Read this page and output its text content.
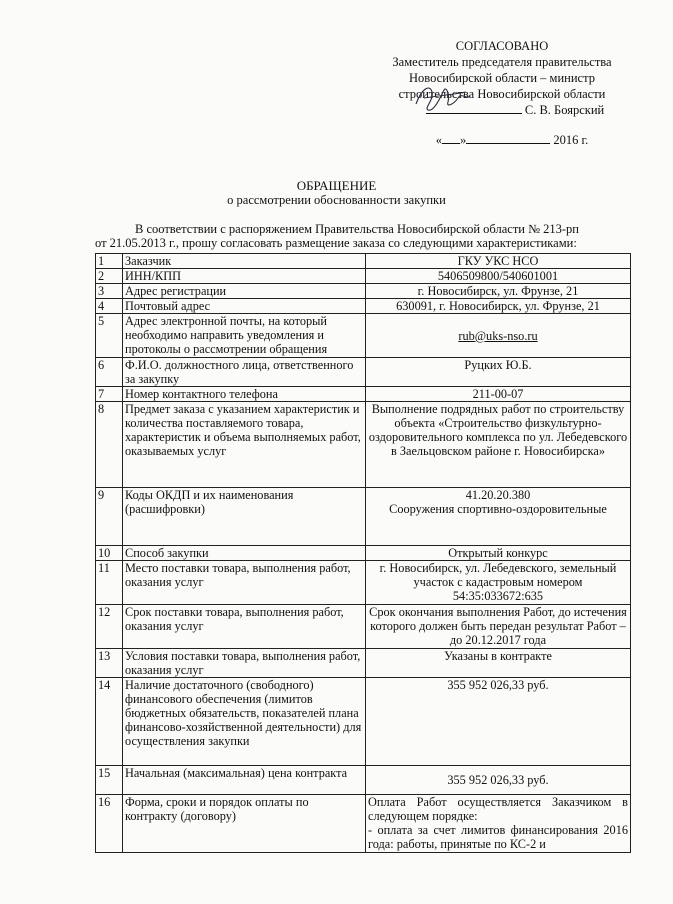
СОГЛАСОВАНО
Заместитель председателя правительства
Новосибирской области – министр
строительства Новосибирской области
С. В. Боярский
« »	2016 г.
ОБРАЩЕНИЕ
о рассмотрении обоснованности закупки
В соответствии с распоряжением Правительства Новосибирской области № 213-рп
от 21.05.2013 г., прошу согласовать размещение заказа со следующими характеристиками:
1	Заказчик	ГКУ УКС НСО
2	ИНН/КПП	5406509800/540601001
3	Адрес регистрации	г. Новосибирск, ул. Фрунзе, 21
4	Почтовый адрес	630091, г. Новосибирск, ул. Фрунзе, 21
5	Адрес электронной почты, на который необходимо направить уведомления и протоколы о рассмотрении обращения	rub@uks-nso.ru
6	Ф.И.О. должностного лица, ответственного за закупку	Руцких Ю.Б.
7	Номер контактного телефона	211-00-07
8	Предмет заказа с указанием характеристик и количества поставляемого товара, характеристик и объема выполняемых работ, оказываемых услуг	Выполнение подрядных работ по строительству объекта «Строительство физкультурно-оздоровительного комплекса по ул. Лебедевского в Заельцовском районе г. Новосибирска»
9	Коды ОКДП и их наименования (расшифровки)	41.20.20.380
Сооружения спортивно-оздоровительные

10	Способ закупки	Открытый конкурс
11	Место поставки товара, выполнения работ, оказания услуг	г. Новосибирск, ул. Лебедевского, земельный участок с кадастровым номером 54:35:033672:635
12	Срок поставки товара, выполнения работ, оказания услуг	Срок окончания выполнения Работ, до истечения которого должен быть передан результат Работ – до 20.12.2017 года
13	Условия поставки товара, выполнения работ, оказания услуг	Указаны в контракте
14	Наличие достаточного (свободного) финансового обеспечения (лимитов бюджетных обязательств, показателей плана финансово-хозяйственной деятельности) для осуществления закупки	355 952 026,33 руб.
15	Начальная (максимальная) цена контракта	355 952 026,33 руб.
16	Форма, сроки и порядок оплаты по контракту (договору)	Оплата Работ осуществляется Заказчиком в следующем порядке:
- оплата за счет лимитов финансирования 2016 года: работы, принятые по КС-2 и
